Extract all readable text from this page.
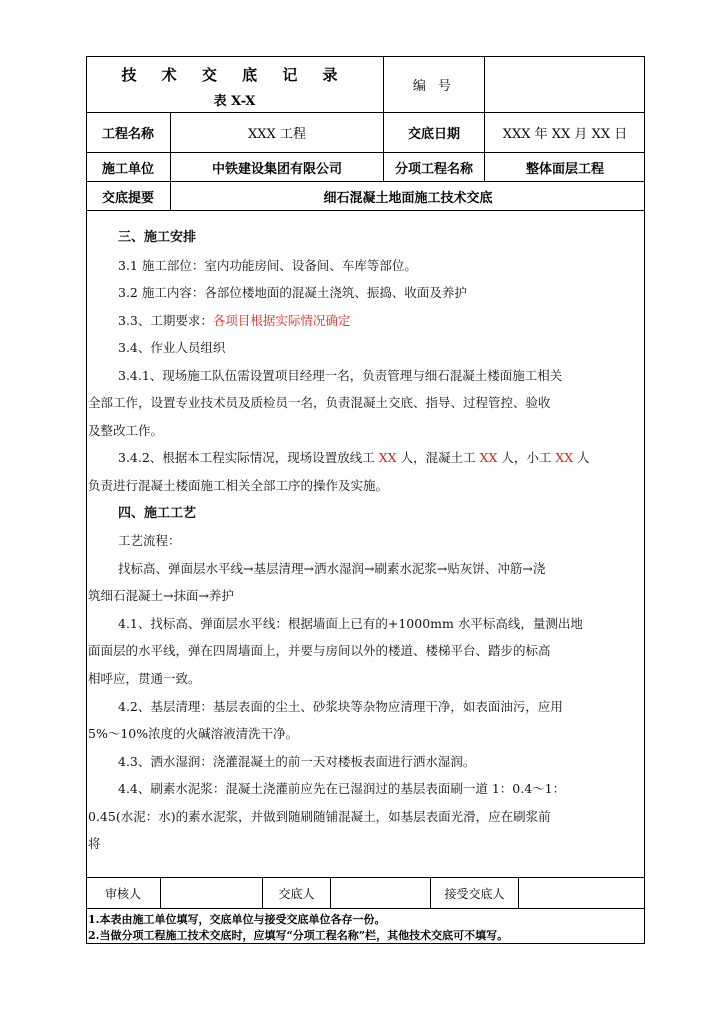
技 术 交 底 记 录
表 X-X
编 号
工程名称	XXX 工程	交底日期	XXX 年 XX 月 XX 日
施工单位	中铁建设集团有限公司	分项工程名称	整体面层工程
交底提要	细石混凝土地面施工技术交底
三、施工安排
3.1 施工部位：室内功能房间、设备间、车库等部位。
3.2 施工内容：各部位楼地面的混凝土浇筑、振捣、收面及养护
3.3、工期要求：各项目根据实际情况确定
3.4、作业人员组织
3.4.1、现场施工队伍需设置项目经理一名，负责管理与细石混凝土楼面施工相关
全部工作，设置专业技术员及质检员一名，负责混凝土交底、指导、过程管控、验收
及整改工作。
3.4.2、根据本工程实际情况，现场设置放线工 XX 人，混凝土工 XX 人，小工 XX 人
负责进行混凝土楼面施工相关全部工序的操作及实施。
四、施工工艺
工艺流程：
找标高、弹面层水平线→基层清理→洒水湿润→刷素水泥浆→贴灰饼、冲筋→浇
筑细石混凝土→抹面→养护
4.1、找标高、弹面层水平线：根据墙面上已有的+1000mm 水平标高线，量测出地
面面层的水平线，弹在四周墙面上，并要与房间以外的楼道、楼梯平台、踏步的标高
相呼应，贯通一致。
4.2、基层清理：基层表面的尘土、砂浆块等杂物应清理干净，如表面油污，应用
5%～10%浓度的火碱溶液清洗干净。
4.3、洒水湿润：浇灌混凝土的前一天对楼板表面进行洒水湿润。
4.4、刷素水泥浆：混凝土浇灌前应先在已湿润过的基层表面刷一道 1：0.4～1：
0.45(水泥：水)的素水泥浆，并做到随刷随铺混凝土，如基层表面光滑，应在刷浆前
将
审核人	交底人	接受交底人
1.本表由施工单位填写，交底单位与接受交底单位各存一份。
2.当做分项工程施工技术交底时，应填写“分项工程名称”栏，其他技术交底可不填写。
